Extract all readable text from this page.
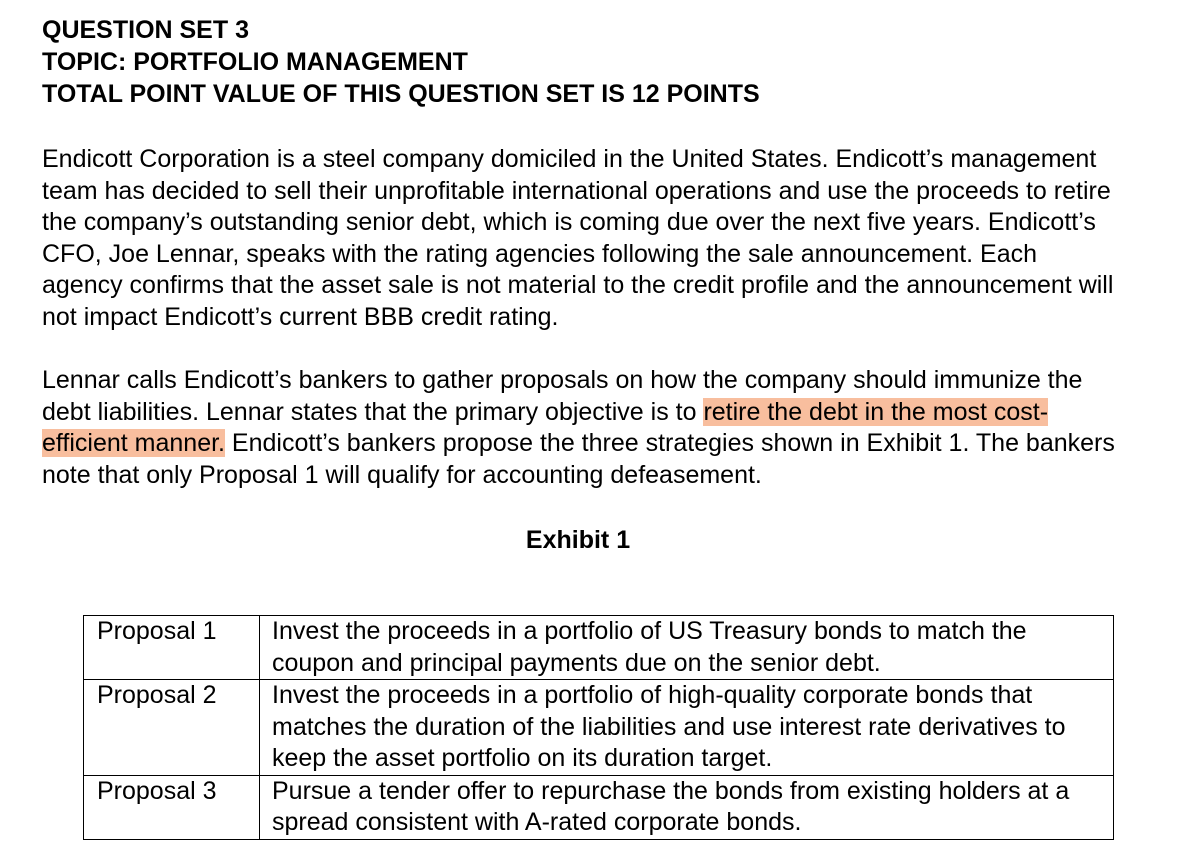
QUESTION SET 3

TOPIC: PORTFOLIO MANAGEMENT

TOTAL POINT VALUE OF THIS QUESTION SET IS 12 POINTS

Endicott Corporation is a steel company domiciled in the United States. Endicott’s management team has decided to sell their unprofitable international operations and use the proceeds to retire the company’s outstanding senior debt, which is coming due over the next five years. Endicott’s CFO, Joe Lennar, speaks with the rating agencies following the sale announcement. Each agency confirms that the asset sale is not material to the credit profile and the announcement will not impact Endicott’s current BBB credit rating.

Lennar calls Endicott’s bankers to gather proposals on how the company should immunize the debt liabilities. Lennar states that the primary objective is to retire the debt in the most cost-efficient manner. Endicott’s bankers propose the three strategies shown in Exhibit 1. The bankers note that only Proposal 1 will qualify for accounting defeasement.

Exhibit 1
Proposal 1	Invest the proceeds in a portfolio of US Treasury bonds to match the coupon and principal payments due on the senior debt.
Proposal 2	Invest the proceeds in a portfolio of high-quality corporate bonds that matches the duration of the liabilities and use interest rate derivatives to keep the asset portfolio on its duration target.
Proposal 3	Pursue a tender offer to repurchase the bonds from existing holders at a spread consistent with A-rated corporate bonds.
